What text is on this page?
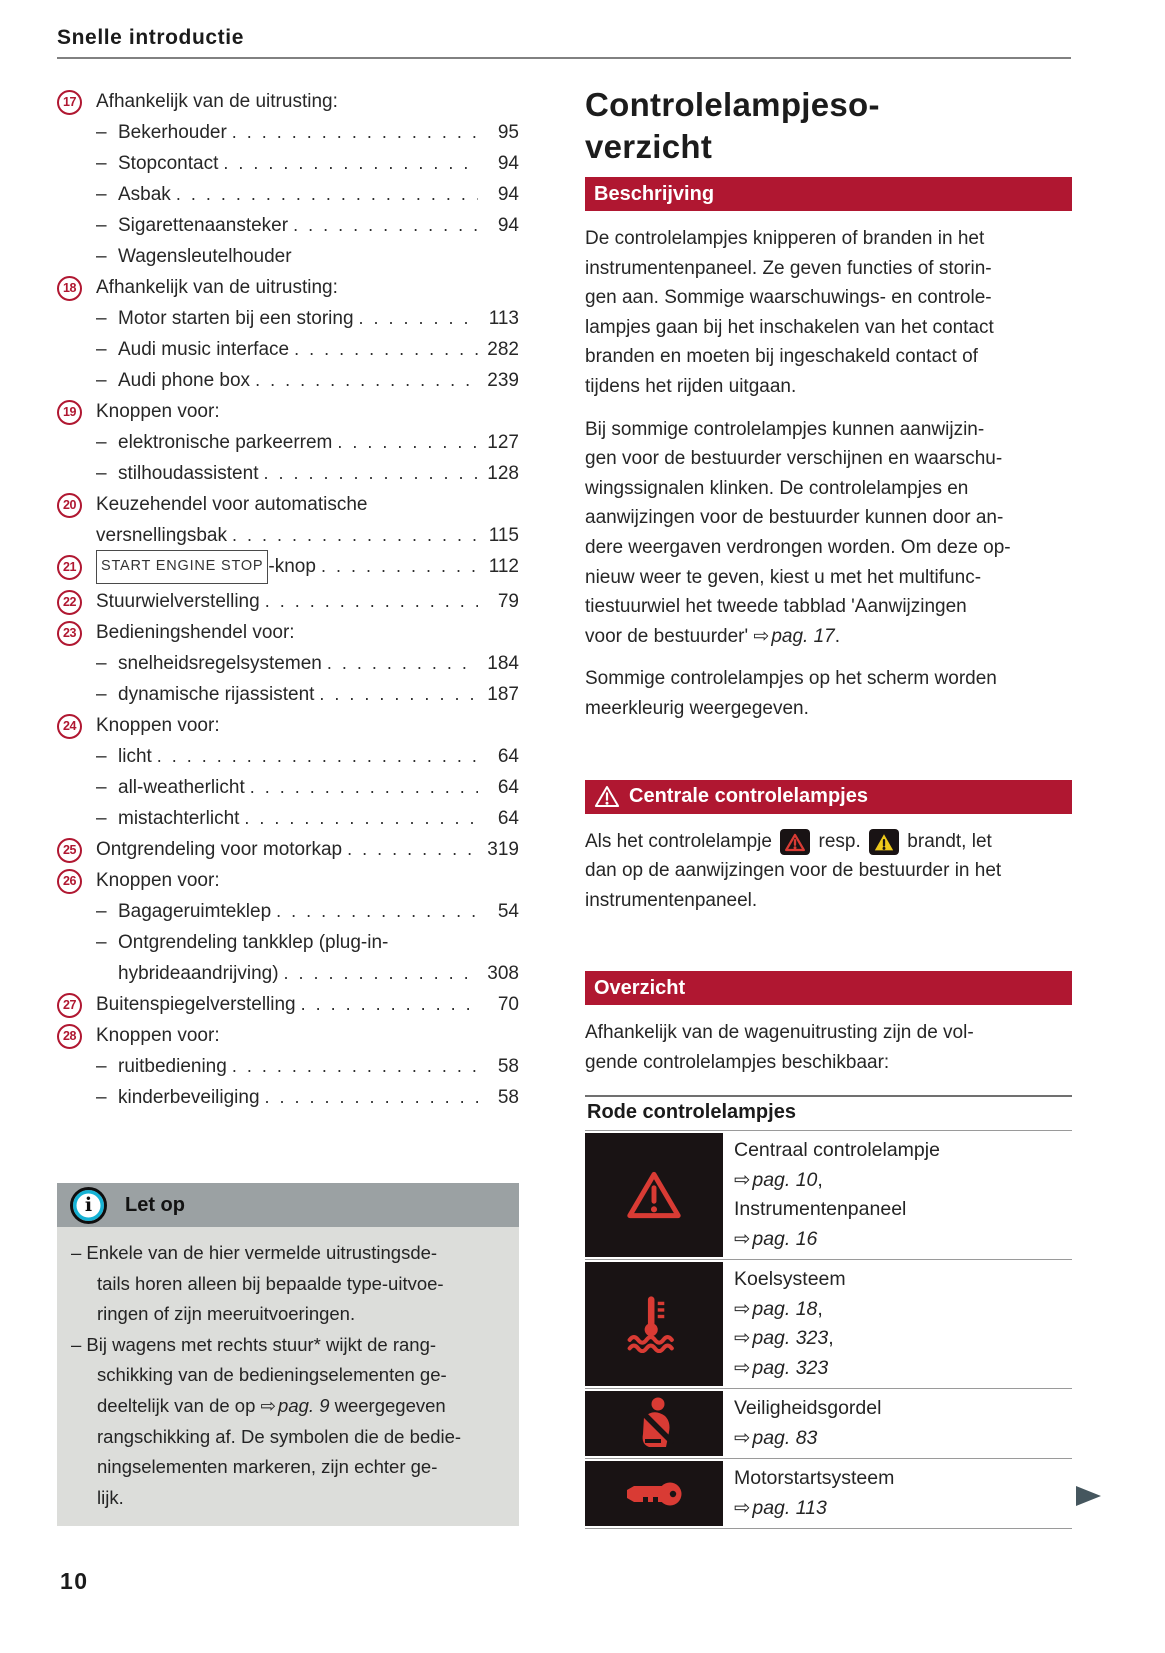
Snelle introductie
17	Afhankelijk van de uitrusting:
– Bekerhouder . . .	95
– Stopcontact . . .	94
– Asbak . . .	94
– Sigarettenaansteker . . .	94
– Wagensleutelhouder
18	Afhankelijk van de uitrusting:
– Motor starten bij een storing . . .	113
– Audi music interface . . .	282
– Audi phone box . . .	239
19	Knoppen voor:
– elektronische parkeerrem . . .	127
– stilhoudassistent . . .	128
20	Keuzehendel voor automatische
versnellingsbak . . .	115
21	START ENGINE STOP -knop . . .	112
22	Stuurwielverstelling . . .	79
23	Bedieningshendel voor:
– snelheidsregelsystemen . . .	184
– dynamische rijassistent . . .	187
24	Knoppen voor:
– licht . . .	64
– all-weatherlicht . . .	64
– mistachterlicht . . .	64
25	Ontgrendeling voor motorkap . . .	319
26	Knoppen voor:
– Bagageruimteklep . . .	54
– Ontgrendeling tankklep (plug-in-
hybrideaandrijving) . . .	308
27	Buitenspiegelverstelling . . .	70
28	Knoppen voor:
– ruitbediening . . .	58
– kinderbeveiliging . . .	58
i	Let op
– Enkele van de hier vermelde uitrustingsde-
tails horen alleen bij bepaalde type-uitvoe-
ringen of zijn meeruitvoeringen.
– Bij wagens met rechts stuur* wijkt de rang-
schikking van de bedieningselementen ge-
deeltelijk van de op ⇨ pag. 9 weergegeven
rangschikking af. De symbolen die de bedie-
ningselementen markeren, zijn echter ge-
lijk.
10
Controlelampjeso-
verzicht
Beschrijving
De controlelampjes knipperen of branden in het
instrumentenpaneel. Ze geven functies of storin-
gen aan. Sommige waarschuwings- en controle-
lampjes gaan bij het inschakelen van het contact
branden en moeten bij ingeschakeld contact of
tijdens het rijden uitgaan.
Bij sommige controlelampjes kunnen aanwijzin-
gen voor de bestuurder verschijnen en waarschu-
wingssignalen klinken. De controlelampjes en
aanwijzingen voor de bestuurder kunnen door an-
dere weergaven verdrongen worden. Om deze op-
nieuw weer te geven, kiest u met het multifunc-
tiestuurwiel het tweede tabblad 'Aanwijzingen
voor de bestuurder' ⇨ pag. 17.
Sommige controlelampjes op het scherm worden
meerkleurig weergegeven.
Centrale controlelampjes
Als het controlelampje
resp.
brandt, let
dan op de aanwijzingen voor de bestuurder in het
instrumentenpaneel.
Overzicht
Afhankelijk van de wagenuitrusting zijn de vol-
gende controlelampjes beschikbaar:
Rode controlelampjes
Centraal controlelampje
⇨ pag. 10,
Instrumentenpaneel
⇨ pag. 16
Koelsysteem
⇨ pag. 18,
⇨ pag. 323,
⇨ pag. 323
Veiligheidsgordel
⇨ pag. 83
Motorstartsysteem
⇨ pag. 113
